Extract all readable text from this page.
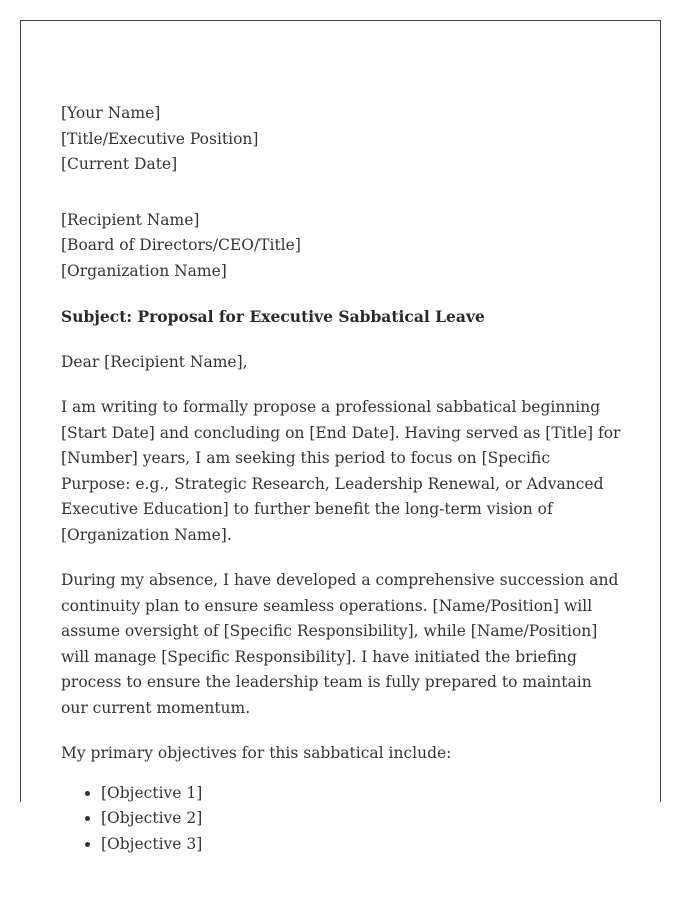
[Your Name]
[Title/Executive Position]
[Current Date]
[Recipient Name]
[Board of Directors/CEO/Title]
[Organization Name]

Subject: Proposal for Executive Sabbatical Leave

Dear [Recipient Name],

I am writing to formally propose a professional sabbatical beginning [Start Date] and concluding on [End Date]. Having served as [Title] for [Number] years, I am seeking this period to focus on [Specific Purpose: e.g., Strategic Research, Leadership Renewal, or Advanced Executive Education] to further benefit the long-term vision of [Organization Name].

During my absence, I have developed a comprehensive succession and continuity plan to ensure seamless operations. [Name/Position] will assume oversight of [Specific Responsibility], while [Name/Position] will manage [Specific Responsibility]. I have initiated the briefing process to ensure the leadership team is fully prepared to maintain our current momentum.

My primary objectives for this sabbatical include:

• [Objective 1]
• [Objective 2]
• [Objective 3]
